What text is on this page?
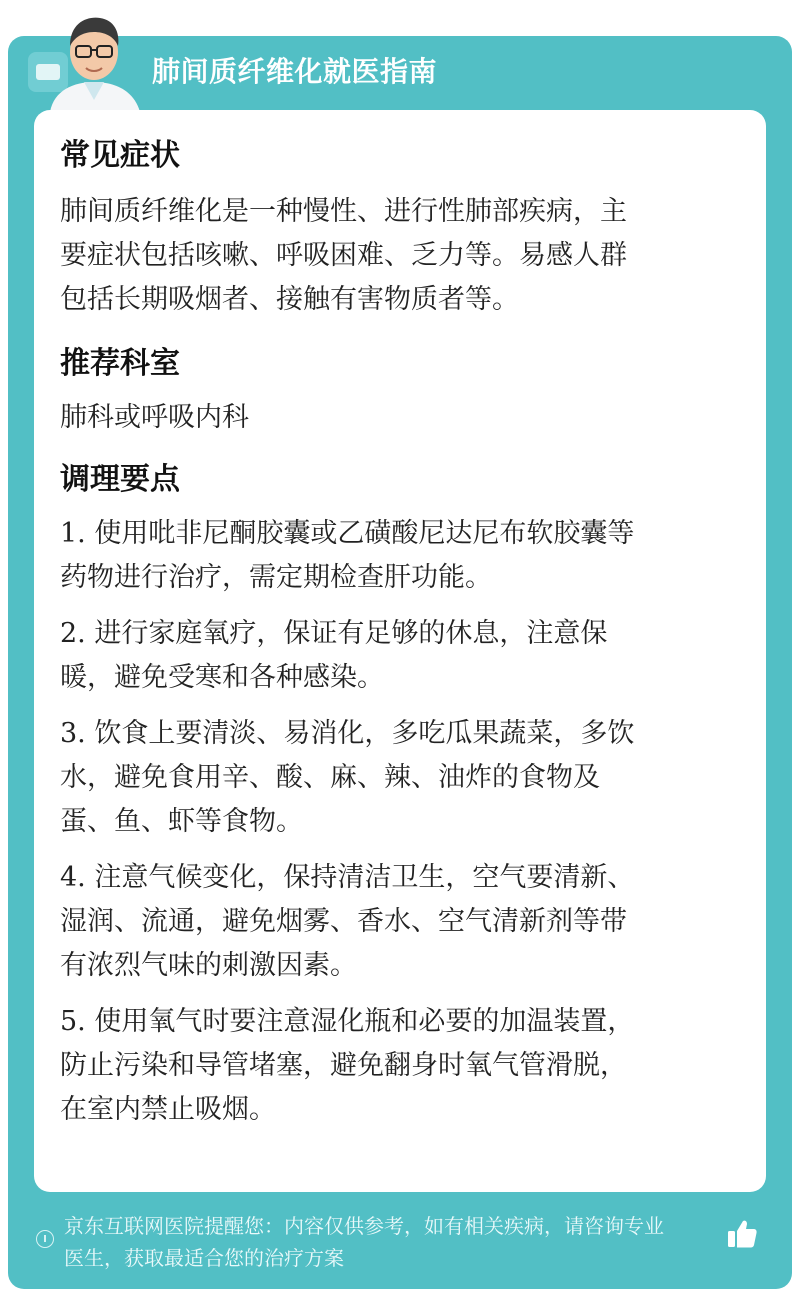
肺间质纤维化就医指南
常见症状

肺间质纤维化是一种慢性、进行性肺部疾病，主

要症状包括咳嗽、呼吸困难、乏力等。易感人群

包括长期吸烟者、接触有害物质者等。

推荐科室

肺科或呼吸内科

调理要点
1. 使用吡非尼酮胶囊或乙磺酸尼达尼布软胶囊等
药物进行治疗，需定期检查肝功能。
2. 进行家庭氧疗，保证有足够的休息，注意保
暖，避免受寒和各种感染。
3. 饮食上要清淡、易消化，多吃瓜果蔬菜，多饮
水，避免食用辛、酸、麻、辣、油炸的食物及
蛋、鱼、虾等食物。
4. 注意气候变化，保持清洁卫生，空气要清新、
湿润、流通，避免烟雾、香水、空气清新剂等带
有浓烈气味的刺激因素。
5. 使用氧气时要注意湿化瓶和必要的加温装置，
防止污染和导管堵塞，避免翻身时氧气管滑脱，
在室内禁止吸烟。
京东互联网医院提醒您：内容仅供参考，如有相关疾病，请咨询专业
医生，获取最适合您的治疗方案
